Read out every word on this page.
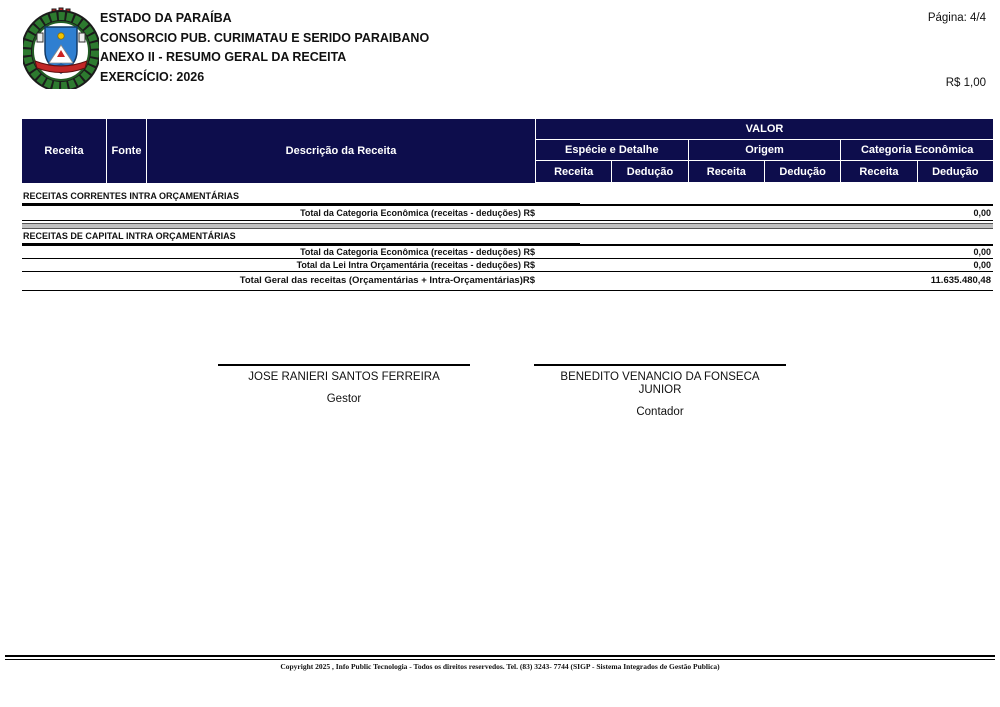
ESTADO DA PARAÍBA
CONSORCIO PUB. CURIMATAU E SERIDO PARAIBANO
ANEXO II - RESUMO GERAL DA RECEITA
EXERCÍCIO: 2026
Página: 4/4
R$ 1,00
Receita	Fonte	Descrição da Receita
VALOR
Espécie e Detalhe	Origem	Categoria Econômica
Receita	Dedução	Receita	Dedução	Receita	Dedução
RECEITAS CORRENTES INTRA ORÇAMENTÁRIAS
Total da Categoria Econômica (receitas - deduções) R$	0,00
RECEITAS DE CAPITAL INTRA ORÇAMENTÁRIAS
Total da Categoria Econômica (receitas - deduções) R$	0,00
Total da Lei Intra Orçamentária (receitas - deduções) R$	0,00
Total Geral das receitas (Orçamentárias + Intra-Orçamentárias)R$	11.635.480,48
JOSE RANIERI SANTOS FERREIRA
Gestor
BENEDITO VENANCIO DA FONSECA JUNIOR
Contador
Copyright 2025 , Info Public Tecnologia - Todos os direitos reservedos. Tel. (83) 3243- 7744 (SIGP - Sistema Integrados de Gestão Publica)
